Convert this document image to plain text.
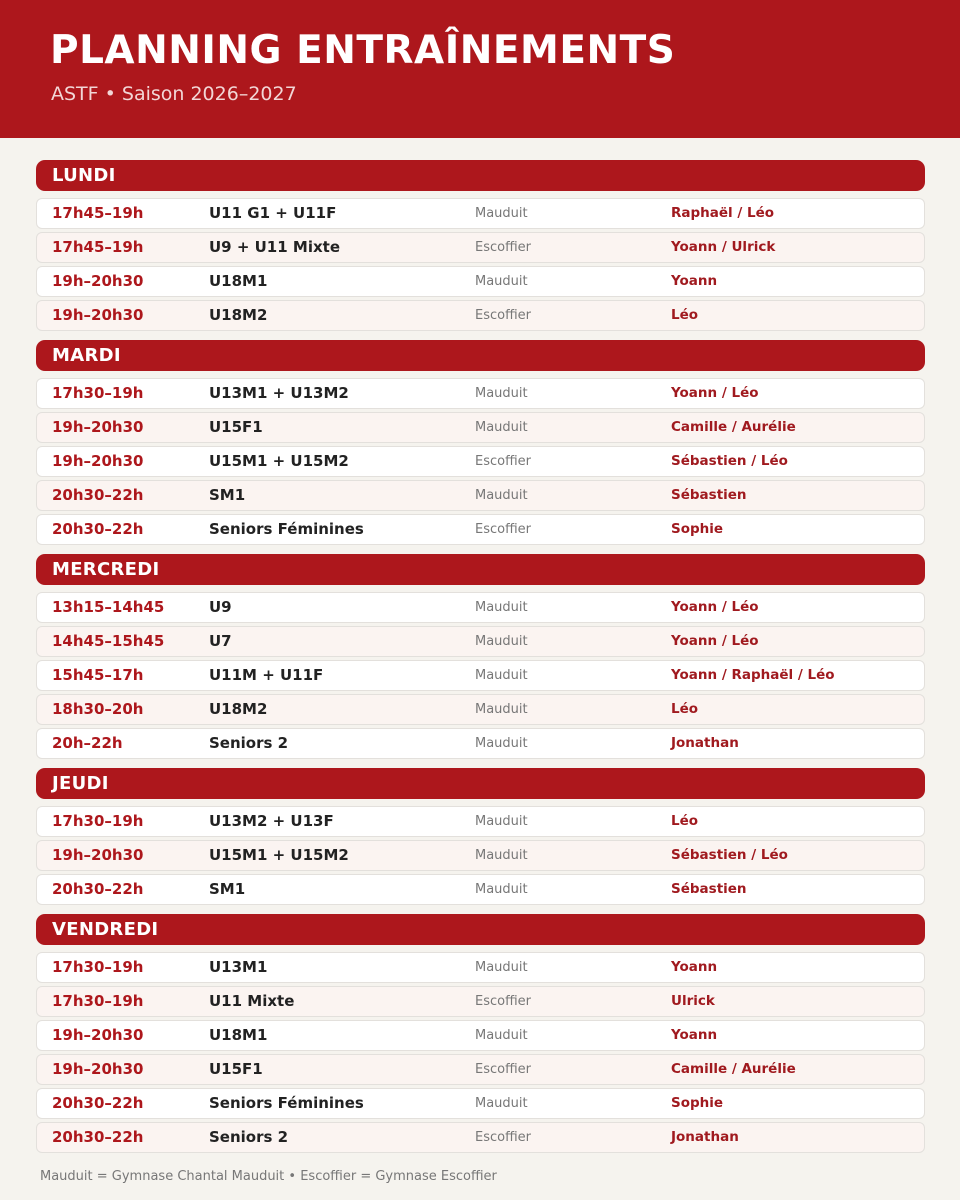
PLANNING ENTRAÎNEMENTS
ASTF • Saison 2026–2027
LUNDI
17h45–19h	U11 G1 + U11F	Mauduit	Raphaël / Léo
17h45–19h	U9 + U11 Mixte	Escoffier	Yoann / Ulrick
19h–20h30	U18M1	Mauduit	Yoann
19h–20h30	U18M2	Escoffier	Léo
MARDI
17h30–19h	U13M1 + U13M2	Mauduit	Yoann / Léo
19h–20h30	U15F1	Mauduit	Camille / Aurélie
19h–20h30	U15M1 + U15M2	Escoffier	Sébastien / Léo
20h30–22h	SM1	Mauduit	Sébastien
20h30–22h	Seniors Féminines	Escoffier	Sophie
MERCREDI
13h15–14h45	U9	Mauduit	Yoann / Léo
14h45–15h45	U7	Mauduit	Yoann / Léo
15h45–17h	U11M + U11F	Mauduit	Yoann / Raphaël / Léo
18h30–20h	U18M2	Mauduit	Léo
20h–22h	Seniors 2	Mauduit	Jonathan
JEUDI
17h30–19h	U13M2 + U13F	Mauduit	Léo
19h–20h30	U15M1 + U15M2	Mauduit	Sébastien / Léo
20h30–22h	SM1	Mauduit	Sébastien
VENDREDI
17h30–19h	U13M1	Mauduit	Yoann
17h30–19h	U11 Mixte	Escoffier	Ulrick
19h–20h30	U18M1	Mauduit	Yoann
19h–20h30	U15F1	Escoffier	Camille / Aurélie
20h30–22h	Seniors Féminines	Mauduit	Sophie
20h30–22h	Seniors 2	Escoffier	Jonathan
Mauduit = Gymnase Chantal Mauduit • Escoffier = Gymnase Escoffier
